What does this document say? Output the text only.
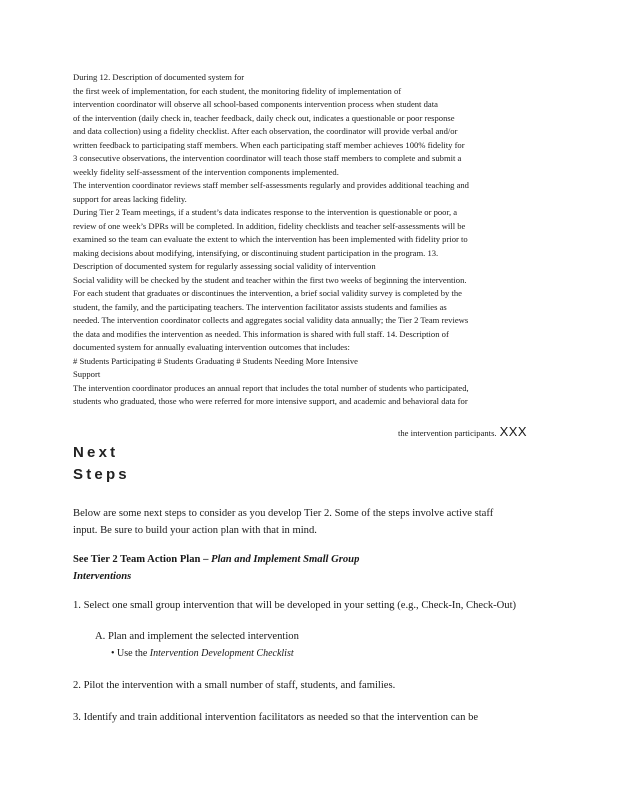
During 12. Description of documented system for
the first week of implementation, for each student, the monitoring fidelity of implementation of
intervention coordinator will observe all school-based components intervention process when student data
of the intervention (daily check in, teacher feedback, daily check out, indicates a questionable or poor response
and data collection) using a fidelity checklist. After each observation, the coordinator will provide verbal and/or
written feedback to participating staff members. When each participating staff member achieves 100% fidelity for
3 consecutive observations, the intervention coordinator will teach those staff members to complete and submit a
weekly fidelity self-assessment of the intervention components implemented.
The intervention coordinator reviews staff member self-assessments regularly and provides additional teaching and
support for areas lacking fidelity.
During Tier 2 Team meetings, if a student’s data indicates response to the intervention is questionable or poor, a
review of one week’s DPRs will be completed. In addition, fidelity checklists and teacher self-assessments will be
examined so the team can evaluate the extent to which the intervention has been implemented with fidelity prior to
making decisions about modifying, intensifying, or discontinuing student participation in the program. 13.
Description of documented system for regularly assessing social validity of intervention
Social validity will be checked by the student and teacher within the first two weeks of beginning the intervention.
For each student that graduates or discontinues the intervention, a brief social validity survey is completed by the
student, the family, and the participating teachers. The intervention facilitator assists students and families as
needed. The intervention coordinator collects and aggregates social validity data annually; the Tier 2 Team reviews
the data and modifies the intervention as needed. This information is shared with full staff. 14. Description of
documented system for annually evaluating intervention outcomes that includes:
# Students Participating # Students Graduating # Students Needing More Intensive
Support
The intervention coordinator produces an annual report that includes the total number of students who participated,
students who graduated, those who were referred for more intensive support, and academic and behavioral data for
the intervention participants. XXX
Next
Steps
Below are some next steps to consider as you develop Tier 2. Some of the steps involve active staff
input. Be sure to build your action plan with that in mind.
See Tier 2 Team Action Plan – Plan and Implement Small Group
Interventions
1. Select one small group intervention that will be developed in your setting (e.g., Check-In, Check-Out)
A. Plan and implement the selected intervention
• Use the Intervention Development Checklist
2. Pilot the intervention with a small number of staff, students, and families.
3. Identify and train additional intervention facilitators as needed so that the intervention can be
